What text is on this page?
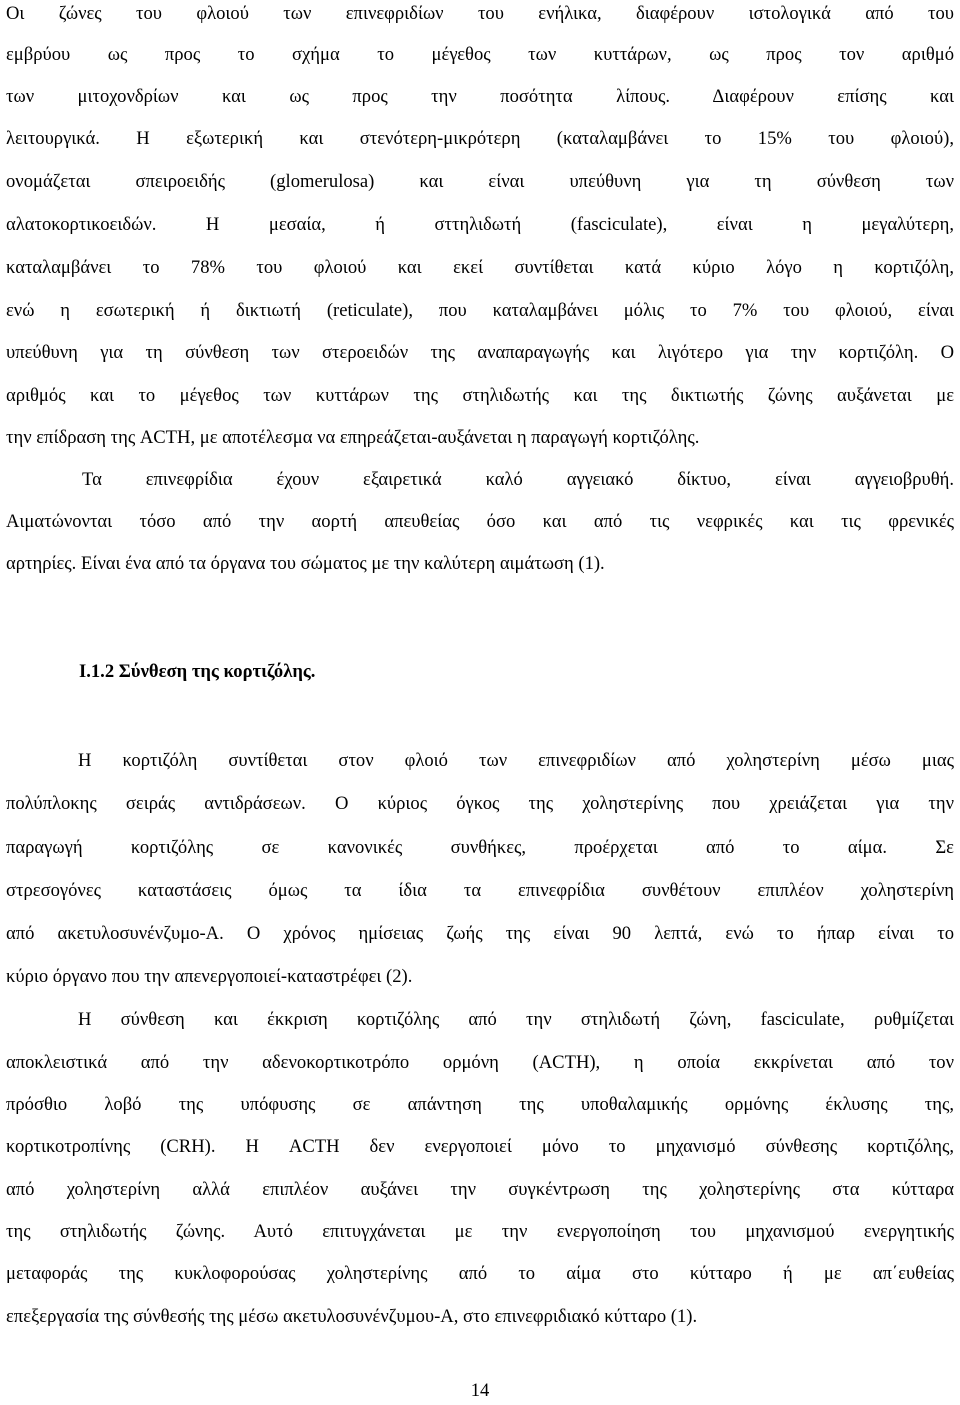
Οι ζώνες του φλοιού των επινεφριδίων του ενήλικα, διαφέρουν ιστολογικά από του
εμβρύου ως προς το σχήμα το μέγεθος των κυττάρων, ως προς τον αριθμό
των μιτοχονδρίων και ως προς την ποσότητα λίπους. Διαφέρουν επίσης και
λειτουργικά. Η εξωτερική και στενότερη-μικρότερη (καταλαμβάνει το 15% του φλοιού),
ονομάζεται σπειροειδής (glomerulosa) και είναι υπεύθυνη για τη σύνθεση των
αλατοκορτικοειδών. Η μεσαία, ή σττηλιδωτή (fasciculate), είναι η μεγαλύτερη,
καταλαμβάνει το 78% του φλοιού και εκεί συντίθεται κατά κύριο λόγο η κορτιζόλη,
ενώ η εσωτερική ή δικτιωτή (reticulate), που καταλαμβάνει μόλις το 7% του φλοιού, είναι
υπεύθυνη για τη σύνθεση των στεροειδών της αναπαραγωγής και λιγότερο για την κορτιζόλη. Ο
αριθμός και το μέγεθος των κυττάρων της στηλιδωτής και της δικτιωτής ζώνης αυξάνεται με
την επίδραση της ACTH, με αποτέλεσμα να επηρεάζεται-αυξάνεται η παραγωγή κορτιζόλης.
Τα επινεφρίδια έχουν εξαιρετικά καλό αγγειακό δίκτυο, είναι αγγειοβρυθή.
Αιματώνονται τόσο από την αορτή απευθείας όσο και από τις νεφρικές και τις φρενικές
αρτηρίες. Είναι ένα από τα όργανα του σώματος με την καλύτερη αιμάτωση (1).
I.1.2 Σύνθεση της κορτιζόλης.
Η κορτιζόλη συντίθεται στον φλοιό των επινεφριδίων από χοληστερίνη μέσω μιας
πολύπλοκης σειράς αντιδράσεων. Ο κύριος όγκος της χοληστερίνης που χρειάζεται για την
παραγωγή κορτιζόλης σε κανονικές συνθήκες, προέρχεται από το αίμα. Σε
στρεσογόνες καταστάσεις όμως τα ίδια τα επινεφρίδια συνθέτουν επιπλέον χοληστερίνη
από ακετυλοσυνένζυμο-Α. Ο χρόνος ημίσειας ζωής της είναι 90 λεπτά, ενώ το ήπαρ είναι το
κύριο όργανο που την απενεργοποιεί-καταστρέφει (2).
Η σύνθεση και έκκριση κορτιζόλης από την στηλιδωτή ζώνη, fasciculate, ρυθμίζεται
αποκλειστικά από την αδενοκορτικοτρόπο ορμόνη (ACTH), η οποία εκκρίνεται από τον
πρόσθιο λοβό της υπόφυσης σε απάντηση της υποθαλαμικής ορμόνης έκλυσης της,
κορτικοτροπίνης (CRH). Η ACTH δεν ενεργοποιεί μόνο το μηχανισμό σύνθεσης κορτιζόλης,
από χοληστερίνη αλλά επιπλέον αυξάνει την συγκέντρωση της χοληστερίνης στα κύτταρα
της στηλιδωτής ζώνης. Αυτό επιτυγχάνεται με την ενεργοποίηση του μηχανισμού ενεργητικής
μεταφοράς της κυκλοφορούσας χοληστερίνης από το αίμα στο κύτταρο ή με απ΄ευθείας
επεξεργασία της σύνθεσής της μέσω ακετυλοσυνένζυμου-Α, στο επινεφριδιακό κύτταρο (1).
14
